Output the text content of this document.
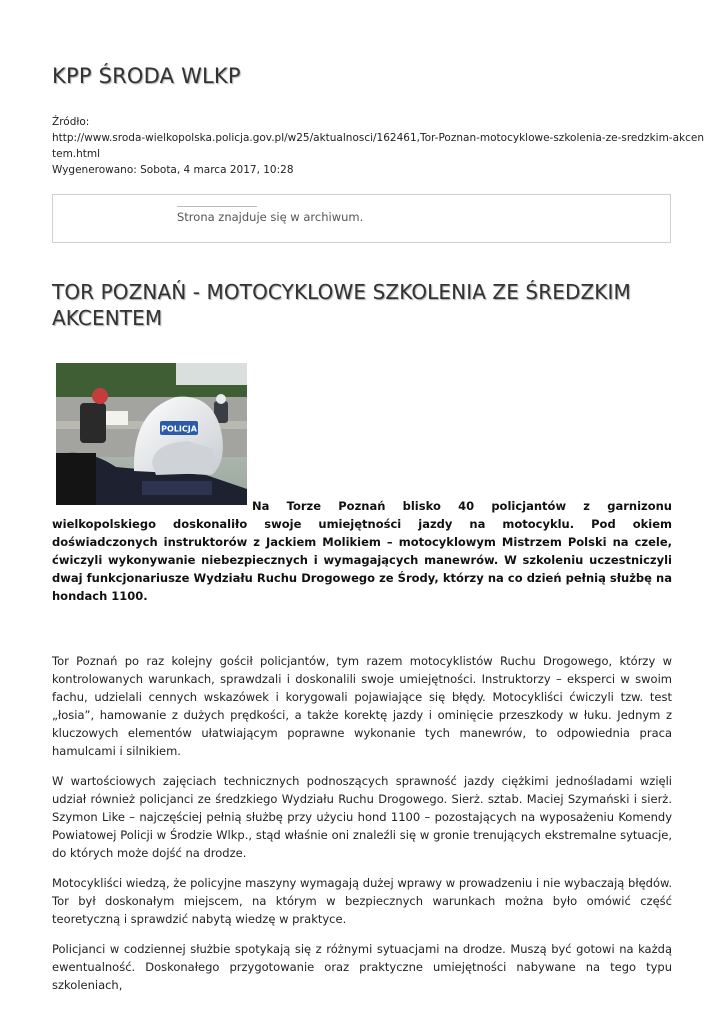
KPP ŚRODA WLKP
Źródło:
http://www.sroda-wielkopolska.policja.gov.pl/w25/aktualnosci/162461,Tor-Poznan-motocyklowe-szkolenia-ze-sredzkim-akcen
tem.html
Wygenerowano: Sobota, 4 marca 2017, 10:28
Strona znajduje się w archiwum.
TOR POZNAŃ - MOTOCYKLOWE SZKOLENIA ZE ŚREDZKIM AKCENTEM
POLICJA
Na Torze Poznań blisko 40 policjantów z garnizonu wielkopolskiego doskonaliło swoje umiejętności jazdy na motocyklu. Pod okiem doświadczonych instruktorów z Jackiem Molikiem – motocyklowym Mistrzem Polski na czele, ćwiczyli wykonywanie niebezpiecznych i wymagających manewrów. W szkoleniu uczestniczyli dwaj funkcjonariusze Wydziału Ruchu Drogowego ze Środy, którzy na co dzień pełnią służbę na hondach 1100.

Tor Poznań po raz kolejny gościł policjantów, tym razem motocyklistów Ruchu Drogowego, którzy w kontrolowanych warunkach, sprawdzali i doskonalili swoje umiejętności. Instruktorzy – eksperci w swoim fachu, udzielali cennych wskazówek i korygowali pojawiające się błędy. Motocykliści ćwiczyli tzw. test „łosia”, hamowanie z dużych prędkości, a także korektę jazdy i ominięcie przeszkody w łuku. Jednym z kluczowych elementów ułatwiającym poprawne wykonanie tych manewrów, to odpowiednia praca hamulcami i silnikiem.

W wartościowych zajęciach technicznych podnoszących sprawność jazdy ciężkimi jednośladami wzięli udział również policjanci ze średzkiego Wydziału Ruchu Drogowego. Sierż. sztab. Maciej Szymański i sierż. Szymon Like – najczęściej pełnią służbę przy użyciu hond 1100 – pozostających na wyposażeniu Komendy Powiatowej Policji w Środzie Wlkp., stąd właśnie oni znaleźli się w gronie trenujących ekstremalne sytuacje, do których może dojść na drodze.

Motocykliści wiedzą, że policyjne maszyny wymagają dużej wprawy w prowadzeniu i nie wybaczają błędów. Tor był doskonałym miejscem, na którym w bezpiecznych warunkach można było omówić część teoretyczną i sprawdzić nabytą wiedzę w praktyce.

Policjanci w codziennej służbie spotykają się z różnymi sytuacjami na drodze. Muszą być gotowi na każdą ewentualność. Doskonałego przygotowanie oraz praktyczne umiejętności nabywane na tego typu szkoleniach,
